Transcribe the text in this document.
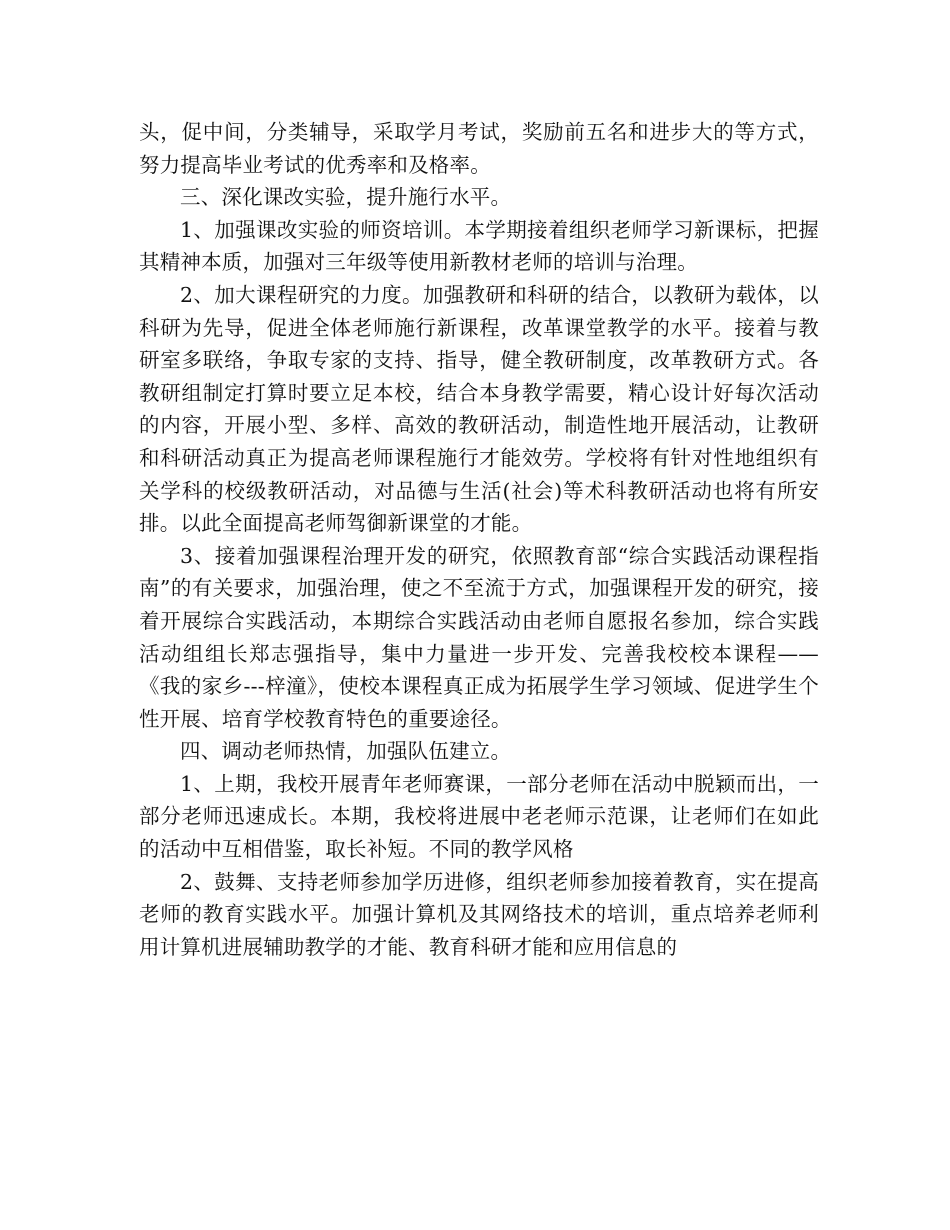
头，促中间，分类辅导，采取学月考试，奖励前五名和进步大的等方式，努力提高毕业考试的优秀率和及格率。

三、深化课改实验，提升施行水平。

1、加强课改实验的师资培训。本学期接着组织老师学习新课标，把握其精神本质，加强对三年级等使用新教材老师的培训与治理。

2、加大课程研究的力度。加强教研和科研的结合，以教研为载体，以科研为先导，促进全体老师施行新课程，改革课堂教学的水平。接着与教研室多联络，争取专家的支持、指导，健全教研制度，改革教研方式。各教研组制定打算时要立足本校，结合本身教学需要，精心设计好每次活动的内容，开展小型、多样、高效的教研活动，制造性地开展活动，让教研和科研活动真正为提高老师课程施行才能效劳。学校将有针对性地组织有关学科的校级教研活动，对品德与生活(社会)等术科教研活动也将有所安排。以此全面提高老师驾御新课堂的才能。

3、接着加强课程治理开发的研究，依照教育部“综合实践活动课程指南”的有关要求，加强治理，使之不至流于方式，加强课程开发的研究，接着开展综合实践活动，本期综合实践活动由老师自愿报名参加，综合实践活动组组长郑志强指导，集中力量进一步开发、完善我校校本课程——《我的家乡---梓潼》，使校本课程真正成为拓展学生学习领域、促进学生个性开展、培育学校教育特色的重要途径。

四、调动老师热情，加强队伍建立。

1、上期，我校开展青年老师赛课，一部分老师在活动中脱颖而出，一部分老师迅速成长。本期，我校将进展中老老师示范课，让老师们在如此的活动中互相借鉴，取长补短。不同的教学风格

2、鼓舞、支持老师参加学历进修，组织老师参加接着教育，实在提高老师的教育实践水平。加强计算机及其网络技术的培训，重点培养老师利用计算机进展辅助教学的才能、教育科研才能和应用信息的
